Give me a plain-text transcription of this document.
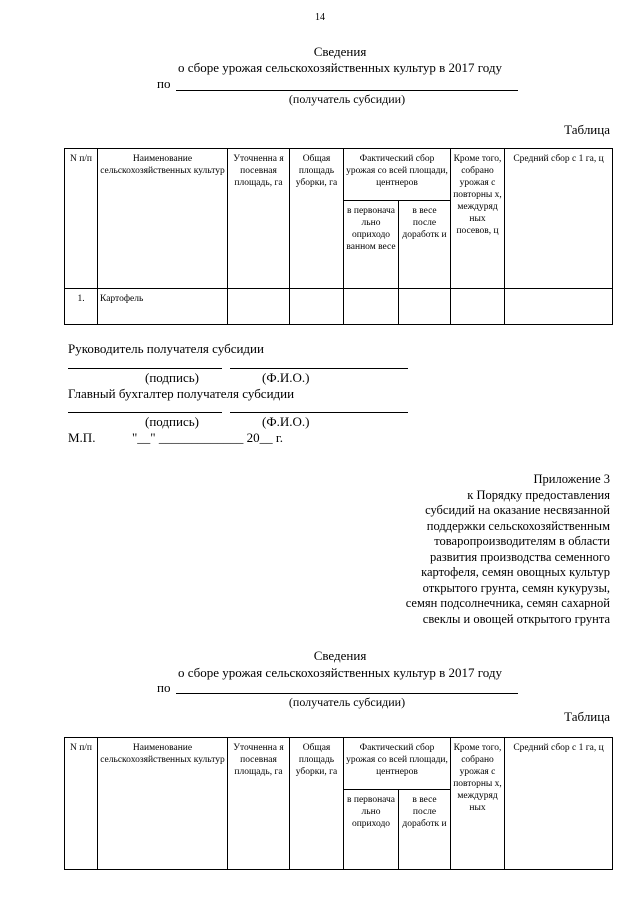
14
Сведения
о сборе урожая сельскохозяйственных культур в 2017 году
по
(получатель субсидии)
Таблица
N п/п	Наименование сельскохозяйственных культур	Уточненна я посевная площадь, га	Общая площадь уборки, га	Фактический сбор урожая со всей площади, центнеров		Кроме того, собрано урожая с повторны х, междуряд ных посевов, ц	Средний сбор с 1 га, ц
				в первонача льно оприходо ванном весе	в весе после доработк и		
1.	Картофель						
Руководитель получателя субсидии
(подпись)	(Ф.И.О.)
Главный бухгалтер получателя субсидии
(подпись)	(Ф.И.О.)
М.П.	"__" _____________ 20__ г.
Приложение 3
к Порядку предоставления
субсидий на оказание несвязанной
поддержки сельскохозяйственным
товаропроизводителям в области
развития производства семенного
картофеля, семян овощных культур
открытого грунта, семян кукурузы,
семян подсолнечника, семян сахарной
свеклы и овощей открытого грунта
Сведения
о сборе урожая сельскохозяйственных культур в 2017 году
по
(получатель субсидии)
Таблица
N п/п	Наименование сельскохозяйственных культур	Уточненна я посевная площадь, га	Общая площадь уборки, га	Фактический сбор урожая со всей площади, центнеров		Кроме того, собрано урожая с повторны х, междуряд ных	Средний сбор с 1 га, ц
				в первонача льно оприходо	в весе после доработк и		
